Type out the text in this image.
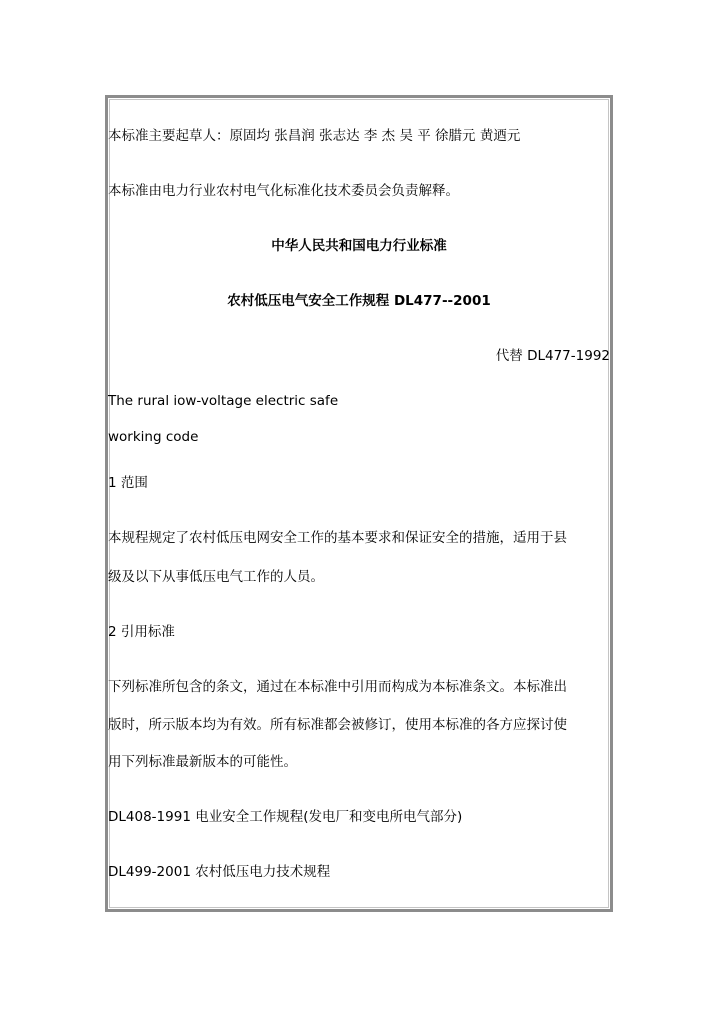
本标准主要起草人：原固均 张昌润 张志达 李 杰 吴 平 徐腊元 黄迺元
本标准由电力行业农村电气化标准化技术委员会负责解释。
中华人民共和国电力行业标准
农村低压电气安全工作规程 DL477--2001
代替 DL477-1992
The rural iow-voltage electric safe
working code
1 范围
本规程规定了农村低压电网安全工作的基本要求和保证安全的措施，适用于县
级及以下从事低压电气工作的人员。
2 引用标准
下列标准所包含的条文，通过在本标准中引用而构成为本标准条文。本标准出
版时，所示版本均为有效。所有标准都会被修订，使用本标准的各方应探讨使
用下列标准最新版本的可能性。
DL408-1991 电业安全工作规程(发电厂和变电所电气部分)
DL499-2001 农村低压电力技术规程
